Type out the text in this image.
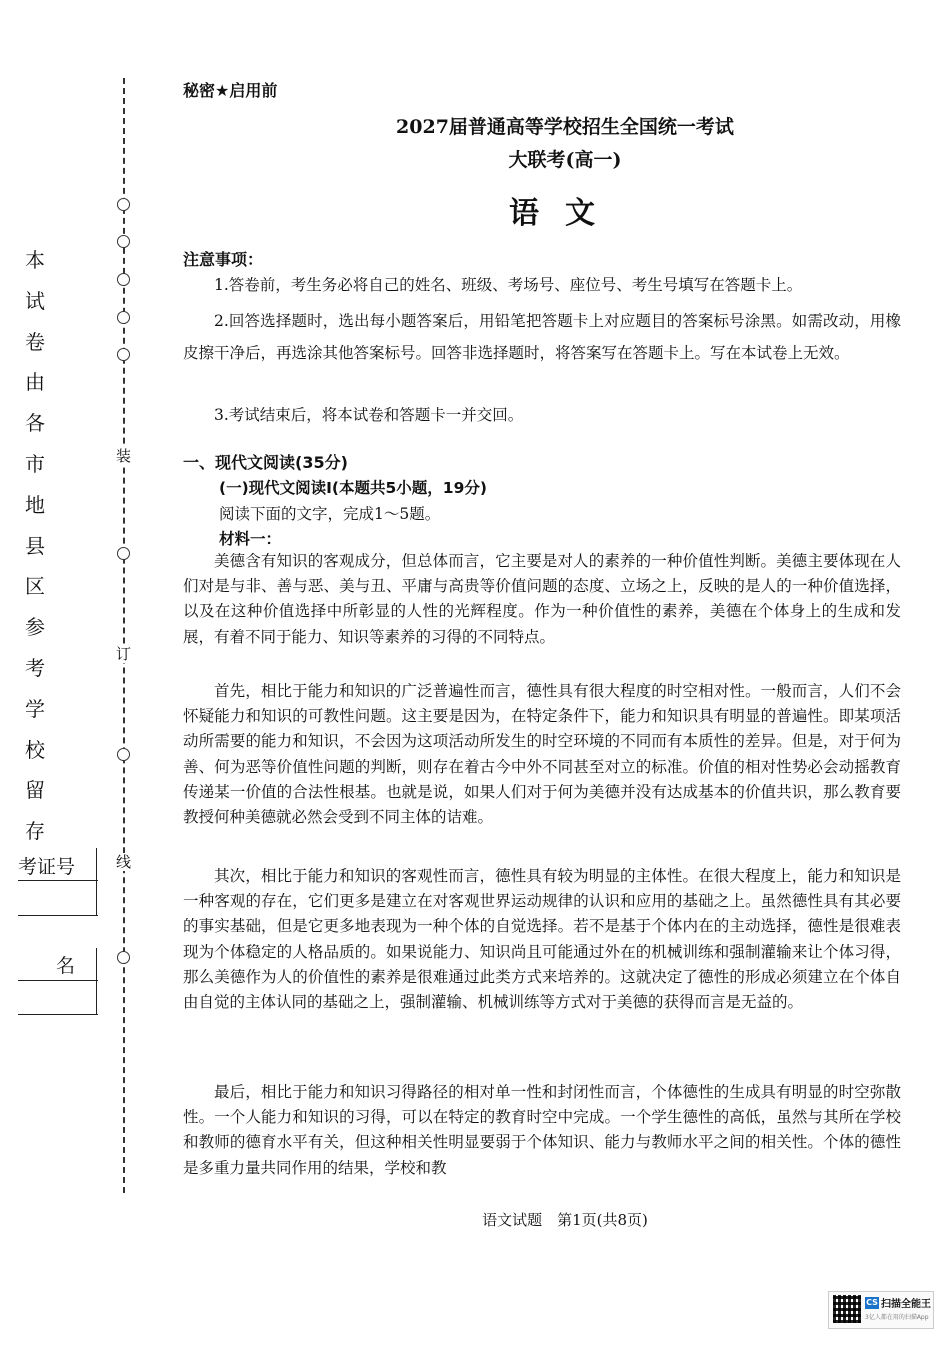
本试卷由各市地县区参考学校留存
装
订
线
考证号
名
秘密★启用前
2027届普通高等学校招生全国统一考试
大联考(高一)
语文
注意事项：
1.答卷前，考生务必将自己的姓名、班级、考场号、座位号、考生号填写在答题卡上。
2.回答选择题时，选出每小题答案后，用铅笔把答题卡上对应题目的答案标号涂黑。如需改动，用橡皮擦干净后，再选涂其他答案标号。回答非选择题时，将答案写在答题卡上。写在本试卷上无效。
3.考试结束后，将本试卷和答题卡一并交回。
一、现代文阅读(35分)
(一)现代文阅读Ⅰ(本题共5小题，19分)
阅读下面的文字，完成1～5题。
材料一：
美德含有知识的客观成分，但总体而言，它主要是对人的素养的一种价值性判断。美德主要体现在人们对是与非、善与恶、美与丑、平庸与高贵等价值问题的态度、立场之上，反映的是人的一种价值选择，以及在这种价值选择中所彰显的人性的光辉程度。作为一种价值性的素养，美德在个体身上的生成和发展，有着不同于能力、知识等素养的习得的不同特点。
首先，相比于能力和知识的广泛普遍性而言，德性具有很大程度的时空相对性。一般而言，人们不会怀疑能力和知识的可教性问题。这主要是因为，在特定条件下，能力和知识具有明显的普遍性。即某项活动所需要的能力和知识，不会因为这项活动所发生的时空环境的不同而有本质性的差异。但是，对于何为善、何为恶等价值性问题的判断，则存在着古今中外不同甚至对立的标准。价值的相对性势必会动摇教育传递某一价值的合法性根基。也就是说，如果人们对于何为美德并没有达成基本的价值共识，那么教育要教授何种美德就必然会受到不同主体的诘难。
其次，相比于能力和知识的客观性而言，德性具有较为明显的主体性。在很大程度上，能力和知识是一种客观的存在，它们更多是建立在对客观世界运动规律的认识和应用的基础之上。虽然德性具有其必要的事实基础，但是它更多地表现为一种个体的自觉选择。若不是基于个体内在的主动选择，德性是很难表现为个体稳定的人格品质的。如果说能力、知识尚且可能通过外在的机械训练和强制灌输来让个体习得，那么美德作为人的价值性的素养是很难通过此类方式来培养的。这就决定了德性的形成必须建立在个体自由自觉的主体认同的基础之上，强制灌输、机械训练等方式对于美德的获得而言是无益的。
最后，相比于能力和知识习得路径的相对单一性和封闭性而言，个体德性的生成具有明显的时空弥散性。一个人能力和知识的习得，可以在特定的教育时空中完成。一个学生德性的高低，虽然与其所在学校和教师的德育水平有关，但这种相关性明显要弱于个体知识、能力与教师水平之间的相关性。个体的德性是多重力量共同作用的结果，学校和教
语文试题　第1页(共8页)
CS 扫描全能王
3亿人都在用的扫描App
